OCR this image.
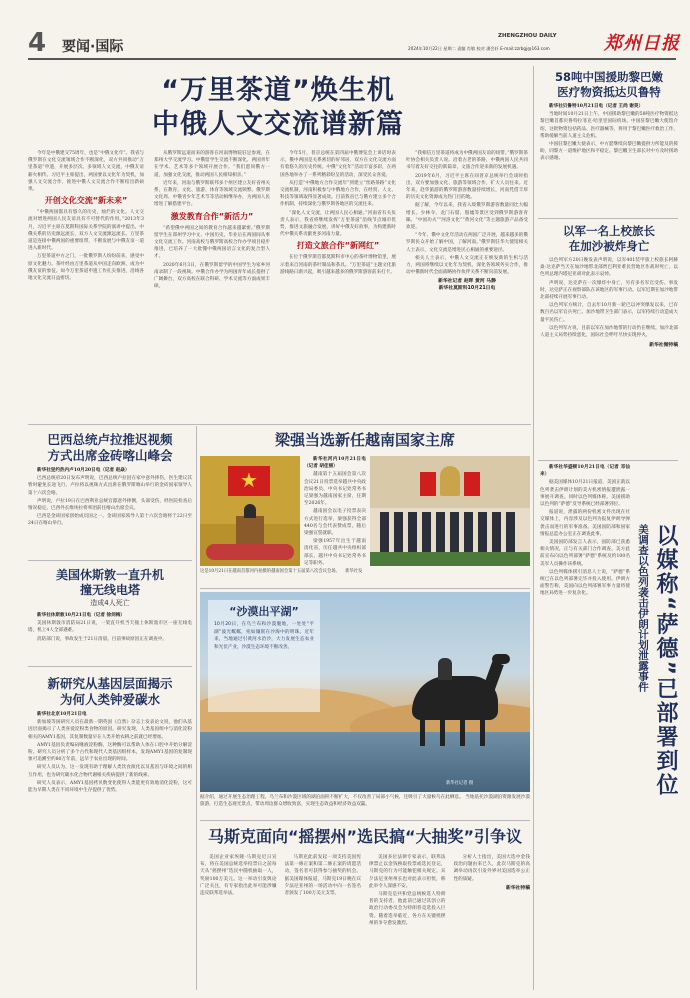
4 要闻·国际
ZHENGZHOU DAILY
2024年10月22日 星期二 责编 肖敏 校对 潘会轩 E-mail:zzrbgj@163.com	郑州日报
“万里茶道”焕生机
中俄人文交流谱新篇
今年是中俄建交75周年，也是“中俄文化年”。我省与俄罗斯在文化交流领域合作不断深化，双方共同推动“万里茶道”申遗，开展多层次、多领域人文交流，中俄友谊薪火相传。习近平主席提出，两国要以文化年为契机，加强人文交流合作，推进中俄人文交流合作不断结出新硕果。
开创文化交流“新未来”
“中俄两国都具有悠久的历史，灿烂的文化。人文交流对增进两国人民友谊具有不可替代的作用。”2013年3月，习近平主席在莫斯科国际关系学院的演讲中提出，中俄关系的历史源远流长，双方人文交流源远流长。万里茶道是连接中俄两国的重要纽带，不断发展与中俄友谊一道进入新时代。
万里茶道中方之门，一批俄罗斯人纷纷前来，感受中原文化魅力。茶叶经由万里茶道从中国走向欧洲，成为中俄友谊的象征。如今万里茶道申遗工作扎实推进，沿线各地文化交流日益密切。
从俄罗斯远道而来的游客在河南博物院驻足参观，在郑州大学交流学习。中俄留学生交流不断深化，两国青年在学术、艺术等多个领域开展合作。“我们愿同俄方一道，加强文化交流，推动两国人民相知相亲。”
近年来，河南与俄罗斯联邦多个州区建立友好省州关系，在教育、文化、旅游、体育等领域交流频繁。俄罗斯文化周、中俄青少年艺术节等活动相继举办，为两国人民增进了解搭建平台。
激发教育合作“新活力”
“希望俄中两国之间的教育合作越来越紧密。”俄罗斯留学生在郑州学习中文、中国历史，毕业后在两国间从事文化交流工作。河南高校与俄罗斯高校合作办学项目稳步推进，已培养了一大批懂中俄两国语言文化的复合型人才。
2020年6月3日，在俄罗斯留学的中国学生为家乡河南录制了一段视频。中俄合作办学为两国青年成长提供了广阔舞台，双方高校在联合科研、学术交流等方面成果丰硕。
今年5月，普京总统在第四届中俄博览会上讲话时表示，俄中两国是关系密切的好邻居，双方在文化交流方面有着悠久的历史传统。中俄“文化年”活动丰富多彩，在两国各地举办了一系列精彩纷呈的活动，深受民众喜爱。
从打造“中俄地方合作交流年”到建立“丝路茶路”文化交流机制，河南积极参与中俄地方合作，在经贸、人文、科技等领域取得显著成效。目前我省已与俄方建立多个合作机制，持续深化与俄罗斯各地区的交流往来。
“深化人文交流，让两国人民心相通。”河南省有关负责人表示，我省将继续发挥“万里茶道”沿线节点城市优势，推进文旅融合发展，讲好中俄友好故事，为构建新时代中俄关系贡献更多河南力量。
打造文旅合作“新网红”
在位于俄罗斯首都莫斯科市中心的茶叶博物馆里，展示着来自河南的茶叶制品和茶具。“万里茶道”主题文化旅游线路日渐兴起，吸引越来越多的俄罗斯游客前来打卡。
“我相信万里茶道将成为中俄两国友谊的纽带。”俄罗斯茶叶协会相关负责人说。沿着古老的茶路，中俄两国人民共同书写着友好交往的新篇章，文旅合作迎来新的发展机遇。
2019年6月，习近平主席在同普京总统举行会谈时指出，双方要加强文化、旅游等领域合作，扩大人员往来。近年来，赴华旅游的俄罗斯游客数量持续增长，河南凭借丰厚的历史文化资源成为热门目的地。
据了解，今年以来，我省入境俄罗斯游客数量同比大幅增长。少林寺、龙门石窟、殷墟等景区受到俄罗斯游客青睐。“中国功夫”“河洛文化”“黄河文化”等主题旅游产品备受欢迎。
“今年，俄中文化年活动在两国广泛开展，越来越多的俄罗斯民众开始了解中国，了解河南。”俄罗斯驻华大使馆相关人士表示，文化交流是增进民心相通的重要途径。
相关人士表示，中俄人文交流正在焕发新的生机与活力，两国将继续以文化年为契机，深化各领域务实合作，推动中俄新时代全面战略协作伙伴关系不断向前发展。
新华社记者 赵晖 黄河 马静
新华社莫斯科10月21日电
58吨中国援助黎巴嫩
医疗物资抵达贝鲁特
新华社贝鲁特10月21日电（记者 王尚 谢昊）
当地时间10月21日上午，中国援助黎巴嫩的58吨医疗物资抵达黎巴嫩首都贝鲁特拉菲克·哈里里国际机场。中国驻黎巴嫩大使馆介绍，这批物资包括药品、医疗器械等，将用于黎巴嫩医疗救治工作，帮助缓解当前人道主义危机。
中国驻黎巴嫩大使表示，中方愿继续向黎巴嫩提供力所能及的援助，同黎方一道维护地区和平稳定。黎巴嫩卫生部长对中方及时援助表示感谢。
以军一名上校旅长
在加沙被炸身亡
以色列军方20日晚发表声明说，以军401装甲旅上校旅长阿赫桑·达克萨当天在加沙地带北部贾巴利亚难民营地区作战时死亡。以色列总理内塔尼亚胡对此表示哀悼。
声明说，达克萨在一次爆炸中身亡，另有多名军官受伤。事发时，达克萨正在视察部队在该地区的军事行动。以军近期在加沙地带北部持续开展军事行动。
以色列军方统计，自去年10月新一轮巴以冲突爆发以来，已有数百名以军官兵死亡。加沙地带卫生部门表示，以军持续行动造成大量平民伤亡。
以色列军方说，目前以军在加沙地带的行动仍在继续。加沙北部人道主义局势持续恶化，国际社会呼吁尽快实现停火。
新华社微特稿
新华社华盛顿10月21日电（记者 邓仙来）
据美国媒体10月21日报道，美国正就以色列袭击伊朗计划的美方机密情报遭泄露一事展开调查。同时以色列媒体称，美国援助以色列的“萨德”反导系统已经部署到位。
报道说，泄露的两份机密文件出现在社交媒体上，内容涉及以色列为报复伊朗导弹袭击而进行的军事准备。美国国防部和国家情报总监办公室正在调查此事。
美国国防部发言人表示，国防部已获悉相关情况，正与有关部门合作调查。美方此前宣布向以色列部署“萨德”系统及约100名美军人员操作该系统。
以色列媒体援引消息人士说，“萨德”系统已在以色列部署完毕并投入使用。伊朗方面警告称，美国向以色列部署军事力量将使地区局势进一步复杂化。	美调查以色列袭击伊朗计划泄露事件 以媒称“萨德”已部署到位
巴西总统卢拉推迟视频
方式出席金砖喀山峰会
新华社里约热内卢10月20日电（记者 赵焱）
巴西总统府20日发布声明说，巴西总统卢拉因在家中意外摔伤，医生建议其暂时避免长途飞行，卢拉将以视频方式出席在俄罗斯喀山举行的金砖国家领导人第十六次会晤。
声明说，卢拉19日在巴西利亚总统官邸意外摔倒，头部受伤，经医院检查后情况稳定。巴西外长维埃拉将率团前往喀山出席会议。
巴西是金砖国家创始成员国之一。金砖国家领导人第十六次会晤将于22日至24日在喀山举行。
美国休斯敦一直升机
撞无线电塔
造成4人死亡
新华社休斯敦10月21日电（记者 徐剑梅）
美国休斯敦市消防局21日说，一架直升机当天撞上休斯敦市区一座无线电塔，机上4人全部遇难。
消防部门说，事故发生于21日清晨。目前事故原因正在调查中。
新研究从基因层面揭示
为何人类钟爱碳水
新华社北京10月21日电
新加坡等国研究人员在最新一期英国《自然》杂志上发表论文说，他们从基因层面揭示了人类喜爱淀粉类食物的原因。研究发现，人类基因组中与消化淀粉相关的AMY1基因，其复制数量早在人类开始农耕之前就已经增加。
AMY1基因负责编码唾液淀粉酶，这种酶可以帮助人体在口腔中开始分解淀粉。研究人员分析了多个古代和现代人类基因组样本，发现AMY1基因的复制现象可追溯至约80万年前，远早于农业出现的时间。
研究人员认为，这一发现有助于理解人类饮食演化以及基因与环境之间的相互作用，也为研究碳水化合物代谢相关疾病提供了新的线索。
研究人员表示，AMY1基因拷贝数变化使得人类能更有效地消化淀粉，这可能为早期人类在不同环境中生存提供了优势。
梁强当选新任越南国家主席
新华社河内10月21日电（记者 胡佳丽）
越南第十五届国会第八次会议21日投票选举越共中央政治局委员、中央书记处常务书记梁强为越南国家主席，任期至2026年。
越南国会以电子投票表决方式进行选举，梁强获得全部440名与会代表赞成票。随后梁强宣誓就职。
梁强1957年出生于越南清化省，历任越共中央组织部部长、越共中央书记处常务书记等职务。
★
这是10月21日在越南首都河内拍摄的越南国会第十五届第八次会议会场。 新华社发
“沙漠出平湖”
10月20日，在乌兰布和沙漠腹地，一处处“平湖”波光粼粼，宛如镶嵌在沙海中的明珠。近年来，当地通过引黄河水治沙，大力发展生态农业和光伏产业，沙漠生态环境不断改善。
新华社记者 摄
据介绍，通过开展生态治理工程，乌兰布和沙漠区域的湖泊面积不断扩大，不仅改善了局部小气候，还吸引了大量候鸟在此栖息。 当地依托沙漠湖泊资源发展沙漠旅游，打造生态观光景点，带动周边群众增收致富，实现生态效益和经济效益双赢。
马斯克面向“摇摆州”选民搞“大抽奖”引争议
美国企业家埃隆·马斯克近日宣布，将在美国总统选举投票日之前每天从“摇摆州”选民中随机抽取一人，奖励100万美元。这一举动引发舆论广泛关注，有专家指出此举可能涉嫌违反联邦选举法。
马斯克此前发起一项支持美国宪法第一修正案和第二修正案的请愿活动，签名者可获得参与抽奖的机会。据美国媒体报道，马斯克19日晚在宾夕法尼亚州的一场活动中向一名签名者颁发了100万美元支票。
美国多位法律专家表示，联邦法律禁止以金钱换取投票或选民登记，马斯克的行为可能触犯相关规定。宾夕法尼亚州州长也对此表示担忧，称此举令人深感不安。
马斯克是共和党总统候选人特朗普的支持者，他此前已通过其创立的政治行动委员会为特朗普竞选投入巨资。随着选举临近，各方在关键摇摆州的争夺愈发激烈。
分析人士指出，美国大选中金钱政治问题由来已久，此次马斯克的高调举动再次引发外界对美国选举公正性的质疑。
新华社特稿
